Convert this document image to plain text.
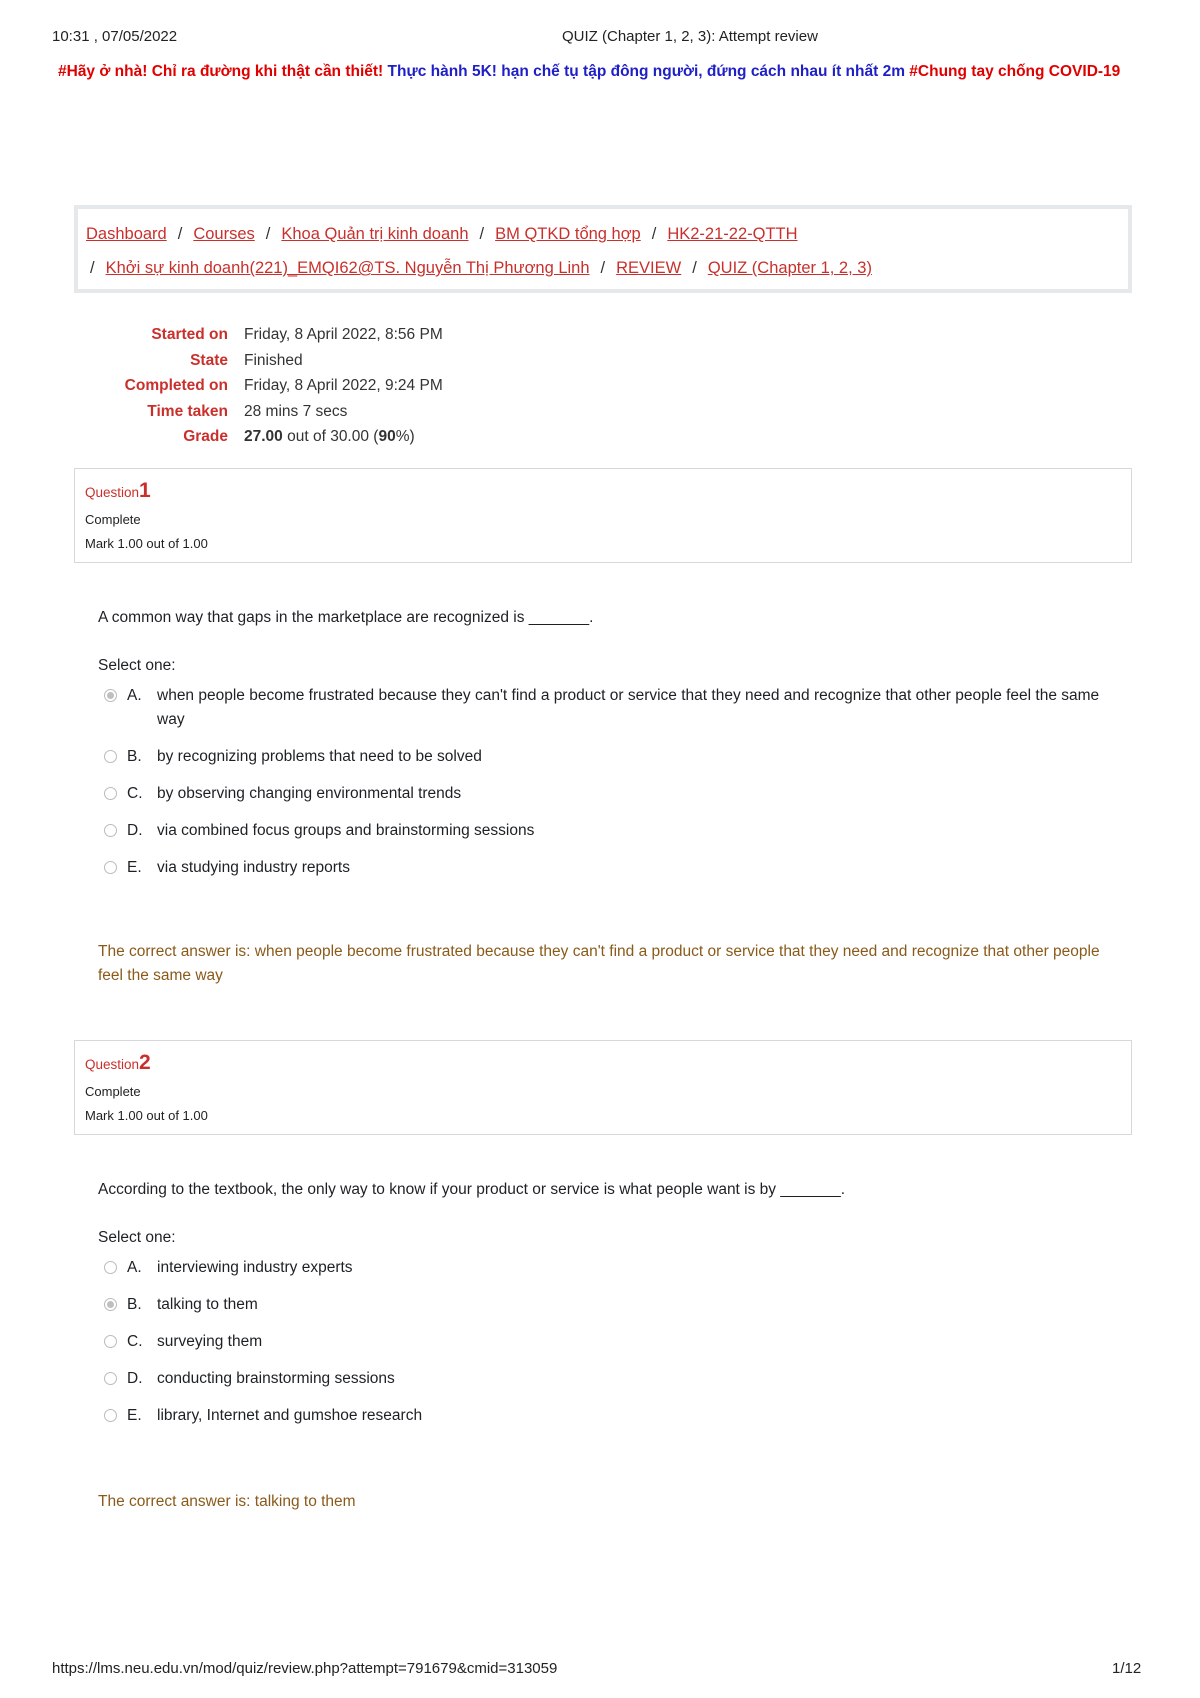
10:31 , 07/05/2022	QUIZ (Chapter 1, 2, 3): Attempt review
#Hãy ở nhà! Chỉ ra đường khi thật cần thiết! Thực hành 5K! hạn chế tụ tập đông người, đứng cách nhau ít nhất 2m #Chung tay chống COVID-19
Dashboard / Courses / Khoa Quản trị kinh doanh / BM QTKD tổng hợp / HK2-21-22-QTTH
/ Khởi sự kinh doanh(221)_EMQI62@TS. Nguyễn Thị Phương Linh / REVIEW / QUIZ (Chapter 1, 2, 3)
Started on Friday, 8 April 2022, 8:56 PM
State Finished
Completed on Friday, 8 April 2022, 9:24 PM
Time taken 28 mins 7 secs
Grade 27.00 out of 30.00 (90%)
Question1
Complete
Mark 1.00 out of 1.00
A common way that gaps in the marketplace are recognized is _______.
Select one:
A. when people become frustrated because they can't find a product or service that they need and recognize that other people feel the same way
B. by recognizing problems that need to be solved
C. by observing changing environmental trends
D. via combined focus groups and brainstorming sessions
E. via studying industry reports
The correct answer is: when people become frustrated because they can't find a product or service that they need and recognize that other people feel the same way
Question2
Complete
Mark 1.00 out of 1.00
According to the textbook, the only way to know if your product or service is what people want is by _______.
Select one:
A. interviewing industry experts
B. talking to them
C. surveying them
D. conducting brainstorming sessions
E. library, Internet and gumshoe research
The correct answer is: talking to them
https://lms.neu.edu.vn/mod/quiz/review.php?attempt=791679&cmid=313059	1/12
